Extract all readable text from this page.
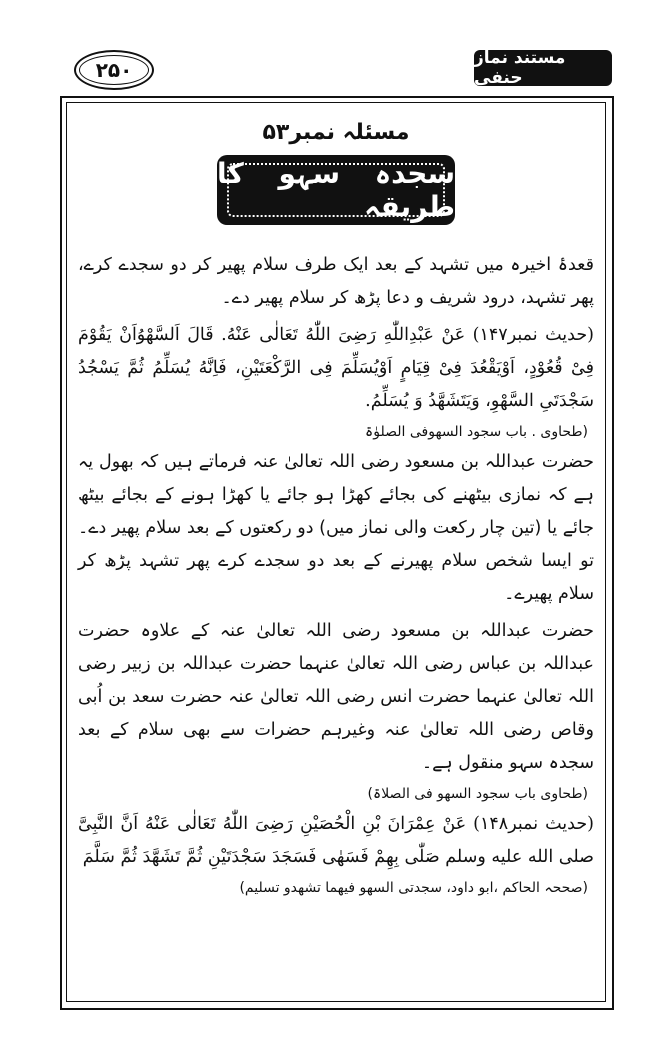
۲۵۰	مستند نماز حنفی
مسئلہ نمبر۵۳
سجدہ سہو کا طریقہ

قعدۂ اخیرہ میں تشہد کے بعد ایک طرف سلام پھیر کر دو سجدے کرے، پھر تشہد، درود شریف و دعا پڑھ کر سلام پھیر دے۔

(حدیث نمبر۱۴۷) عَنْ عَبْدِاللّٰهِ رَضِىَ اللّٰهُ تَعَالٰى عَنْهُ. قَالَ اَلسَّهْوُاَنْ يَقُوْمَ فِىْ قُعُوْدٍ، اَوْيَقْعُدَ فِىْ قِيَامٍ اَوْيُسَلِّمَ فِى الرَّكْعَتَيْنِ، فَاِنَّهُ يُسَلِّمُ ثُمَّ يَسْجُدُ سَجْدَتَىِ السَّهْوِ، وَيَتَشَهَّدُ وَ يُسَلِّمُ.

(طحاوی . باب سجود السھوفی الصلوٰۃ

حضرت عبداللہ بن مسعود رضی اللہ تعالیٰ عنہ فرماتے ہیں کہ بھول یہ ہے کہ نمازی بیٹھنے کی بجائے کھڑا ہو جائے یا کھڑا ہونے کے بجائے بیٹھ جائے یا (تین چار رکعت والی نماز میں) دو رکعتوں کے بعد سلام پھیر دے۔ تو ایسا شخص سلام پھیرنے کے بعد دو سجدے کرے پھر تشہد پڑھ کر سلام پھیرے۔

حضرت عبداللہ بن مسعود رضی اللہ تعالیٰ عنہ کے علاوہ حضرت عبداللہ بن عباس رضی اللہ تعالیٰ عنہما حضرت عبداللہ بن زبیر رضی اللہ تعالیٰ عنہما حضرت انس رضی اللہ تعالیٰ عنہ حضرت سعد بن اُبی وقاص رضی اللہ تعالیٰ عنہ وغیرہم حضرات سے بھی سلام کے بعد سجدہ سہو منقول ہے۔

(طحاوی باب سجود السھو فی الصلاۃ)

(حدیث نمبر۱۴۸) عَنْ عِمْرَانَ بْنِ الْحُصَيْنِ رَضِىَ اللّٰهُ تَعَالٰى عَنْهُ اَنَّ النَّبِىَّ صلى الله عليه وسلم صَلّٰى بِهِمْ فَسَهٰى فَسَجَدَ سَجْدَتَيْنِ ثُمَّ تَشَهَّدَ ثُمَّ سَلَّمَ

(صححہ الحاکم ،ابو داود، سجدتی السھو فیھما تشھدو تسلیم)
